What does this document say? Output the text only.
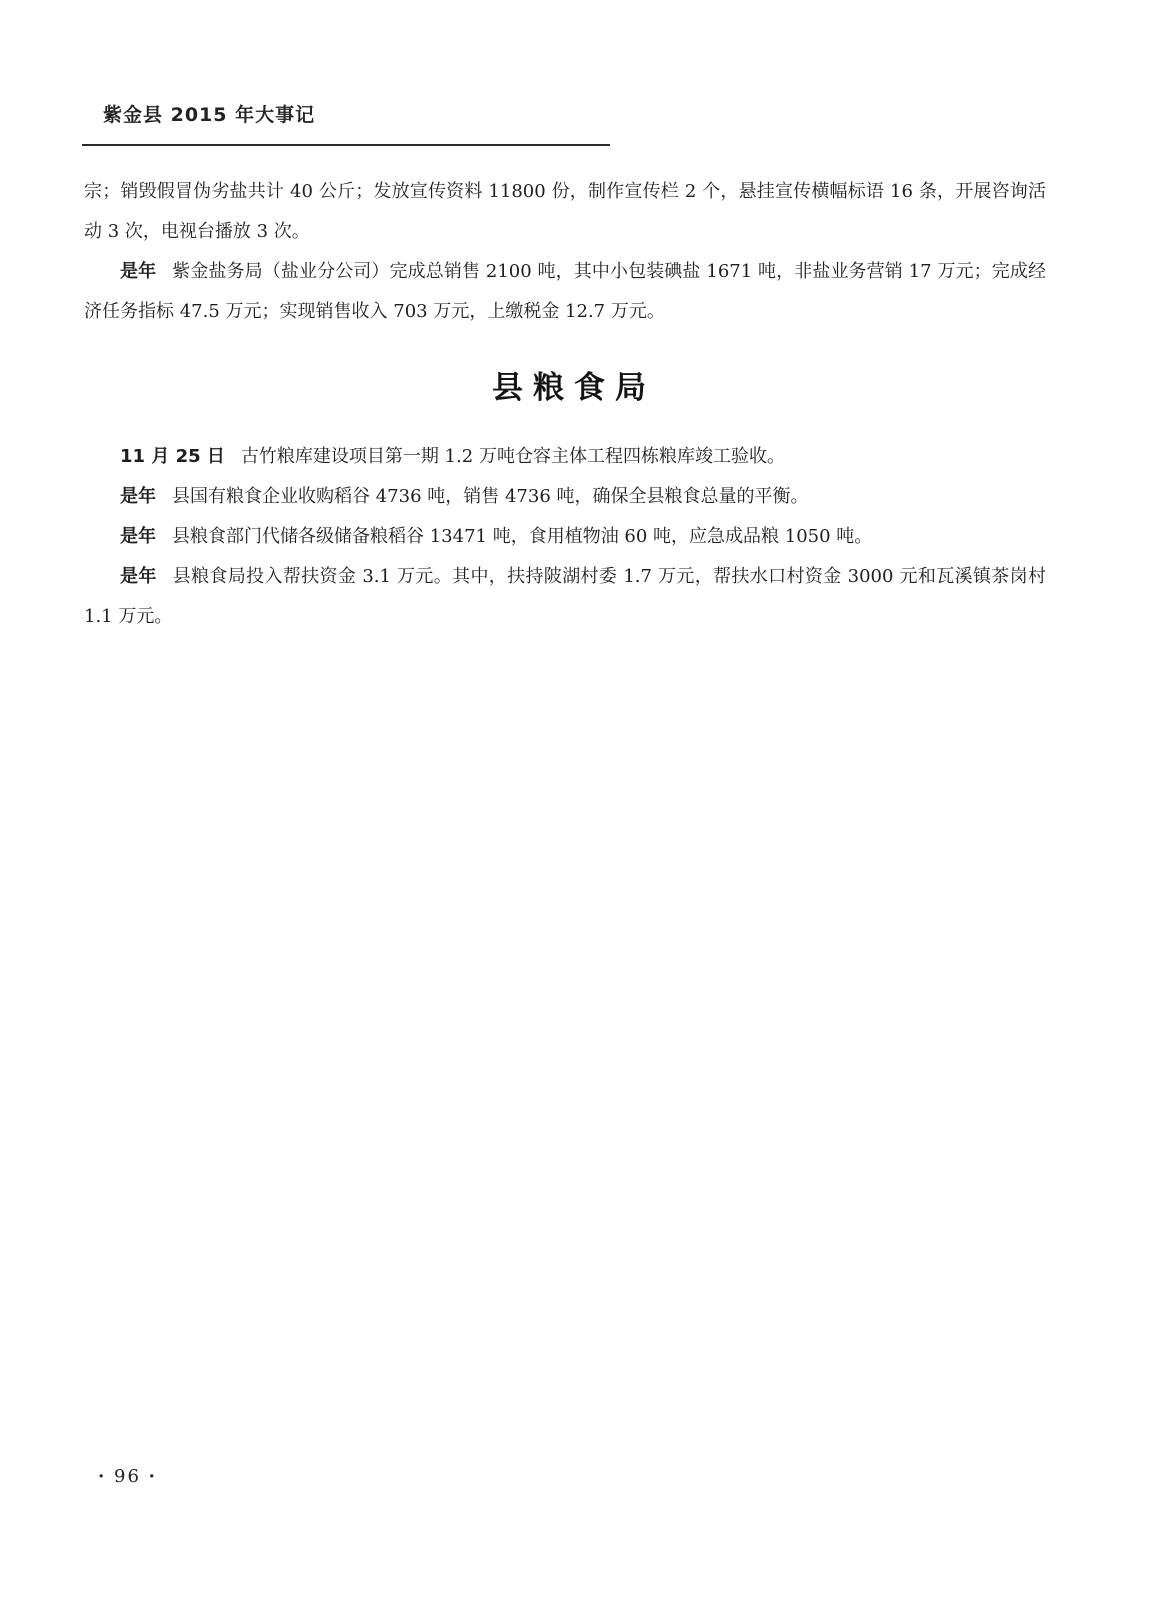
紫金县 2015 年大事记

宗；销毁假冒伪劣盐共计 40 公斤；发放宣传资料 11800 份，制作宣传栏 2 个，悬挂宣传横幅标语 16 条，开展咨询活动 3 次，电视台播放 3 次。

是年 紫金盐务局（盐业分公司）完成总销售 2100 吨，其中小包装碘盐 1671 吨，非盐业务营销 17 万元；完成经济任务指标 47.5 万元；实现销售收入 703 万元，上缴税金 12.7 万元。

县粮食局

11 月 25 日 古竹粮库建设项目第一期 1.2 万吨仓容主体工程四栋粮库竣工验收。

是年 县国有粮食企业收购稻谷 4736 吨，销售 4736 吨，确保全县粮食总量的平衡。

是年 县粮食部门代储各级储备粮稻谷 13471 吨，食用植物油 60 吨，应急成品粮 1050 吨。

是年 县粮食局投入帮扶资金 3.1 万元。其中，扶持陂湖村委 1.7 万元，帮扶水口村资金 3000 元和瓦溪镇茶岗村 1.1 万元。

· 96 ·
